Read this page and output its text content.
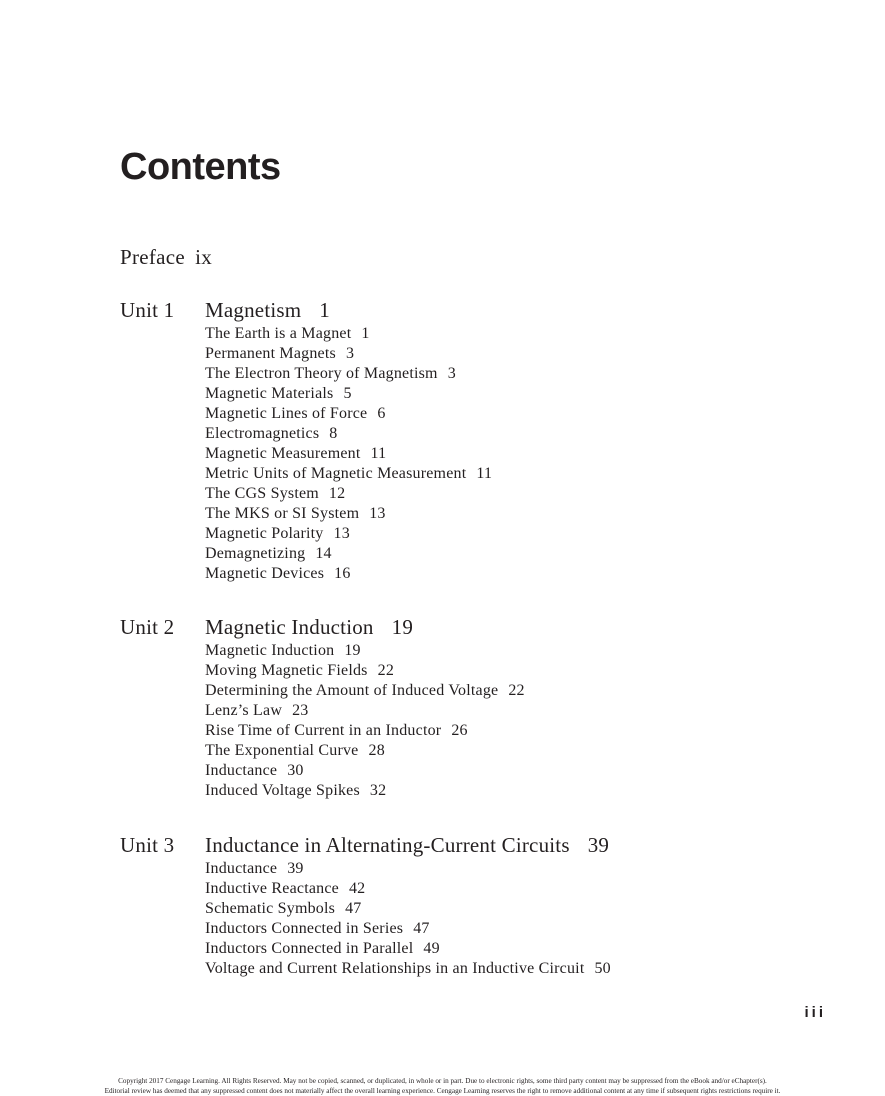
Contents
Preface ix
Unit 1 Magnetism 1
The Earth is a Magnet 1
Permanent Magnets 3
The Electron Theory of Magnetism 3
Magnetic Materials 5
Magnetic Lines of Force 6
Electromagnetics 8
Magnetic Measurement 11
Metric Units of Magnetic Measurement 11
The CGS System 12
The MKS or SI System 13
Magnetic Polarity 13
Demagnetizing 14
Magnetic Devices 16
Unit 2 Magnetic Induction 19
Magnetic Induction 19
Moving Magnetic Fields 22
Determining the Amount of Induced Voltage 22
Lenz’s Law 23
Rise Time of Current in an Inductor 26
The Exponential Curve 28
Inductance 30
Induced Voltage Spikes 32
Unit 3 Inductance in Alternating-Current Circuits 39
Inductance 39
Inductive Reactance 42
Schematic Symbols 47
Inductors Connected in Series 47
Inductors Connected in Parallel 49
Voltage and Current Relationships in an Inductive Circuit 50
iii
Copyright 2017 Cengage Learning. All Rights Reserved. May not be copied, scanned, or duplicated, in whole or in part. Due to electronic rights, some third party content may be suppressed from the eBook and/or eChapter(s).
Editorial review has deemed that any suppressed content does not materially affect the overall learning experience. Cengage Learning reserves the right to remove additional content at any time if subsequent rights restrictions require it.
